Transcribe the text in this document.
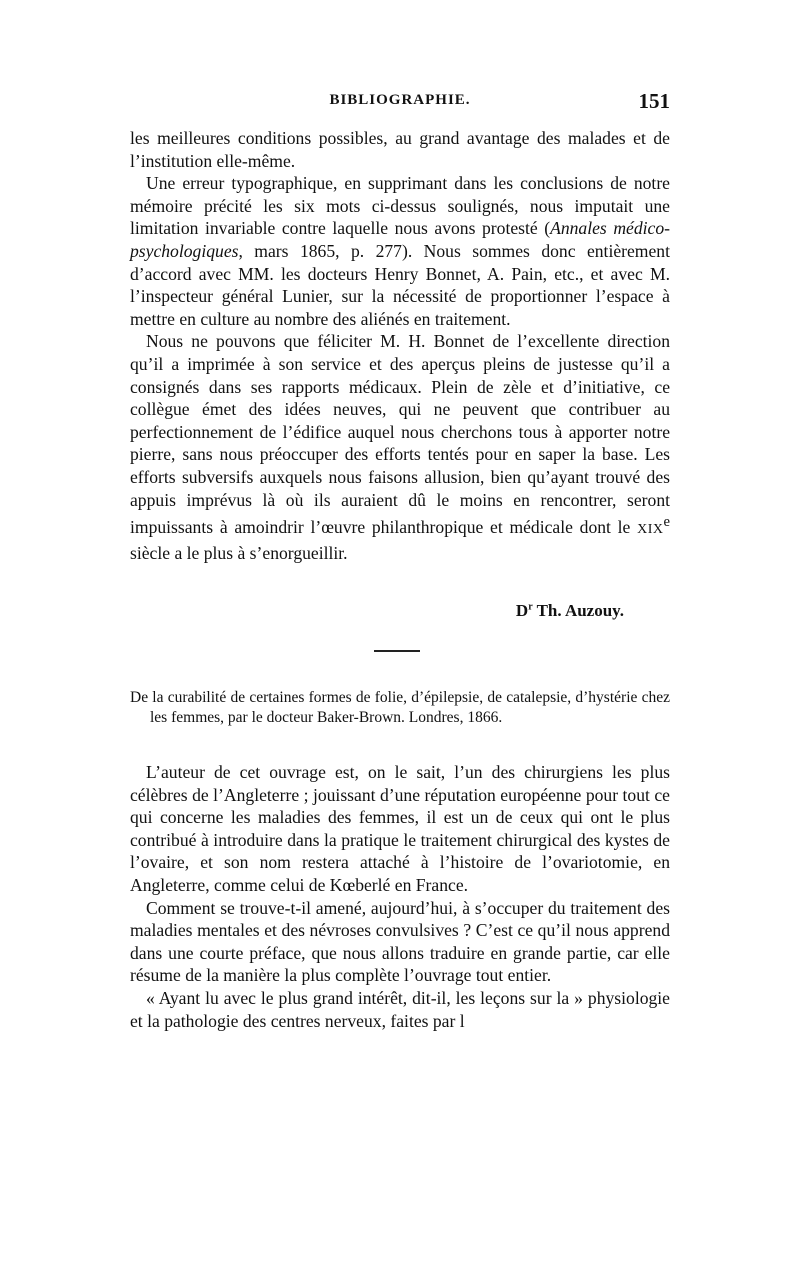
BIBLIOGRAPHIE.	151

les meilleures conditions possibles, au grand avantage des malades et de l’institution elle-même.

Une erreur typographique, en supprimant dans les conclusions de notre mémoire précité les six mots ci-dessus soulignés, nous imputait une limitation invariable contre laquelle nous avons protesté (Annales médico-psychologiques, mars 1865, p. 277). Nous sommes donc entièrement d’accord avec MM. les docteurs Henry Bonnet, A. Pain, etc., et avec M. l’inspecteur général Lunier, sur la nécessité de proportionner l’espace à mettre en culture au nombre des aliénés en traitement.

Nous ne pouvons que féliciter M. H. Bonnet de l’excellente direction qu’il a imprimée à son service et des aperçus pleins de justesse qu’il a consignés dans ses rapports médicaux. Plein de zèle et d’initiative, ce collègue émet des idées neuves, qui ne peuvent que contribuer au perfectionnement de l’édifice auquel nous cherchons tous à apporter notre pierre, sans nous préoccuper des efforts tentés pour en saper la base. Les efforts subversifs auxquels nous faisons allusion, bien qu’ayant trouvé des appuis imprévus là où ils auraient dû le moins en rencontrer, seront impuissants à amoindrir l’œuvre philanthropique et médicale dont le XIXe siècle a le plus à s’enorgueillir.

$D^r$ Th. Auzouy.

De la curabilité de certaines formes de folie, d’épilepsie, de catalepsie, d’hystérie chez les femmes, par le docteur Baker-Brown. Londres, 1866.

L’auteur de cet ouvrage est, on le sait, l’un des chirurgiens les plus célèbres de l’Angleterre ; jouissant d’une réputation européenne pour tout ce qui concerne les maladies des femmes, il est un de ceux qui ont le plus contribué à introduire dans la pratique le traitement chirurgical des kystes de l’ovaire, et son nom restera attaché à l’histoire de l’ovariotomie, en Angleterre, comme celui de Kœberlé en France.

Comment se trouve-t-il amené, aujourd’hui, à s’occuper du traitement des maladies mentales et des névroses convulsives ? C’est ce qu’il nous apprend dans une courte préface, que nous allons traduire en grande partie, car elle résume de la manière la plus complète l’ouvrage tout entier.

« Ayant lu avec le plus grand intérêt, dit-il, les leçons sur la » physiologie et la pathologie des centres nerveux, faites par l
